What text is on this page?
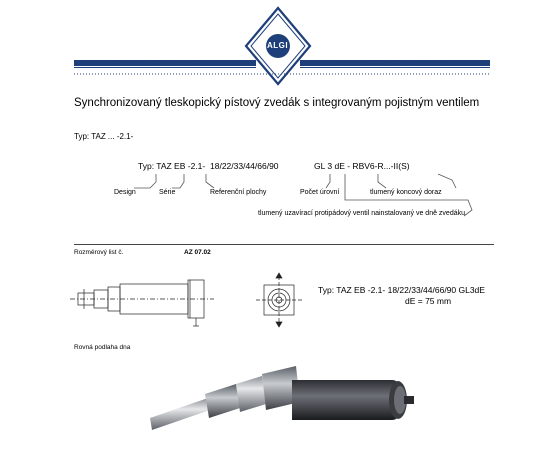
ALGI
HYDRAULIK SYSTEME	AUFZUGS KOMPONENTEN
Synchronizovaný tleskopický pístový zvedák s integrovaným pojistným ventilem
Typ: TAZ ... -2.1-
Typ: TAZ EB -2.1- 18/22/33/44/66/90	GL 3 dE - RBV6-R...-II(S)
Design	Série	Referenční plochy	Počet úrovní	tlumený koncový doraz
tlumený uzavírací protipádový ventil nainstalovaný ve dně zvedáku
Rozměrový list č.	AZ 07.02
Typ: TAZ EB -2.1- 18/22/33/44/66/90 GL3dE
dE = 75 mm
Rovná podlaha dna
